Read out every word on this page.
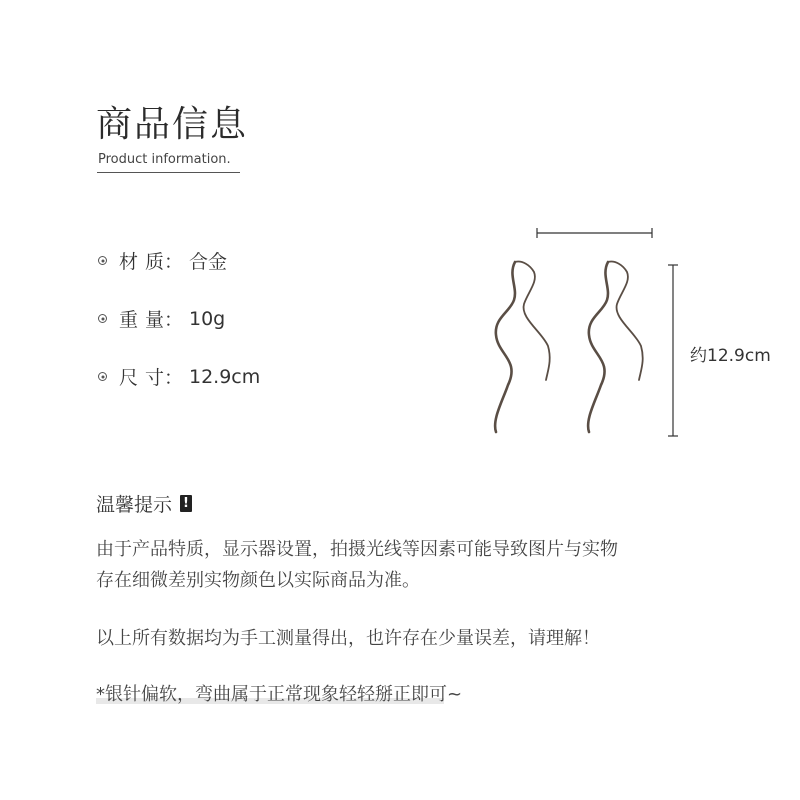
商品信息
Product information.
材 质： 合金
重 量： 10g
尺 寸： 12.9cm
约12.9cm
温馨提示 !
由于产品特质，显示器设置，拍摄光线等因素可能导致图片与实物
存在细微差别实物颜色以实际商品为准。
以上所有数据均为手工测量得出，也许存在少量误差，请理解！
*银针偏软，弯曲属于正常现象轻轻掰正即可~
